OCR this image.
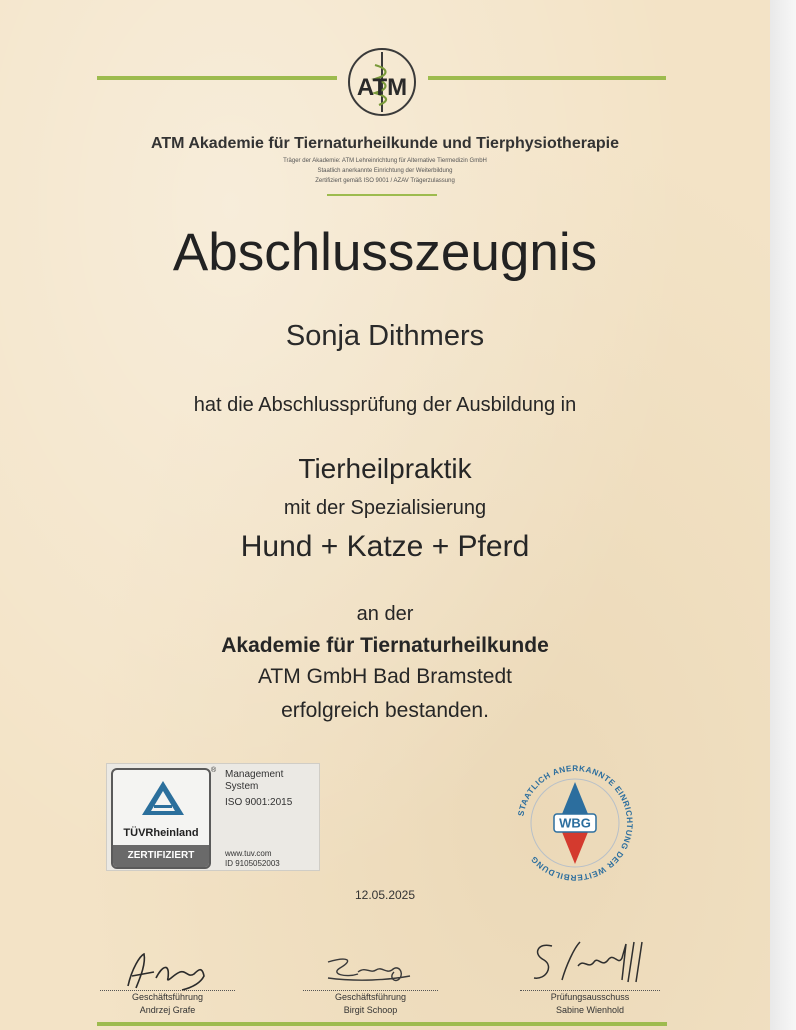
ATM
ATM Akademie für Tiernaturheilkunde und Tierphysiotherapie
Träger der Akademie: ATM Lehreinrichtung für Alternative Tiermedizin GmbH
Staatlich anerkannte Einrichtung der Weiterbildung
Zertifiziert gemäß ISO 9001 / AZAV Trägerzulassung
Abschlusszeugnis
Sonja Dithmers
hat die Abschlussprüfung der Ausbildung in
Tierheilpraktik
mit der Spezialisierung
Hund + Katze + Pferd
an der
Akademie für Tiernaturheilkunde
ATM GmbH Bad Bramstedt
erfolgreich bestanden.
TÜVRheinland
ZERTIFIZIERT
® Management
System
ISO 9001:2015
www.tuv.com
ID 9105052003
STAATLICH ANERKANNTE EINRICHTUNG DER WEITERBILDUNG
WBG
12.05.2025
Geschäftsführung
Andrzej Grafe
Geschäftsführung
Birgit Schoop
Prüfungsausschuss
Sabine Wienhold
